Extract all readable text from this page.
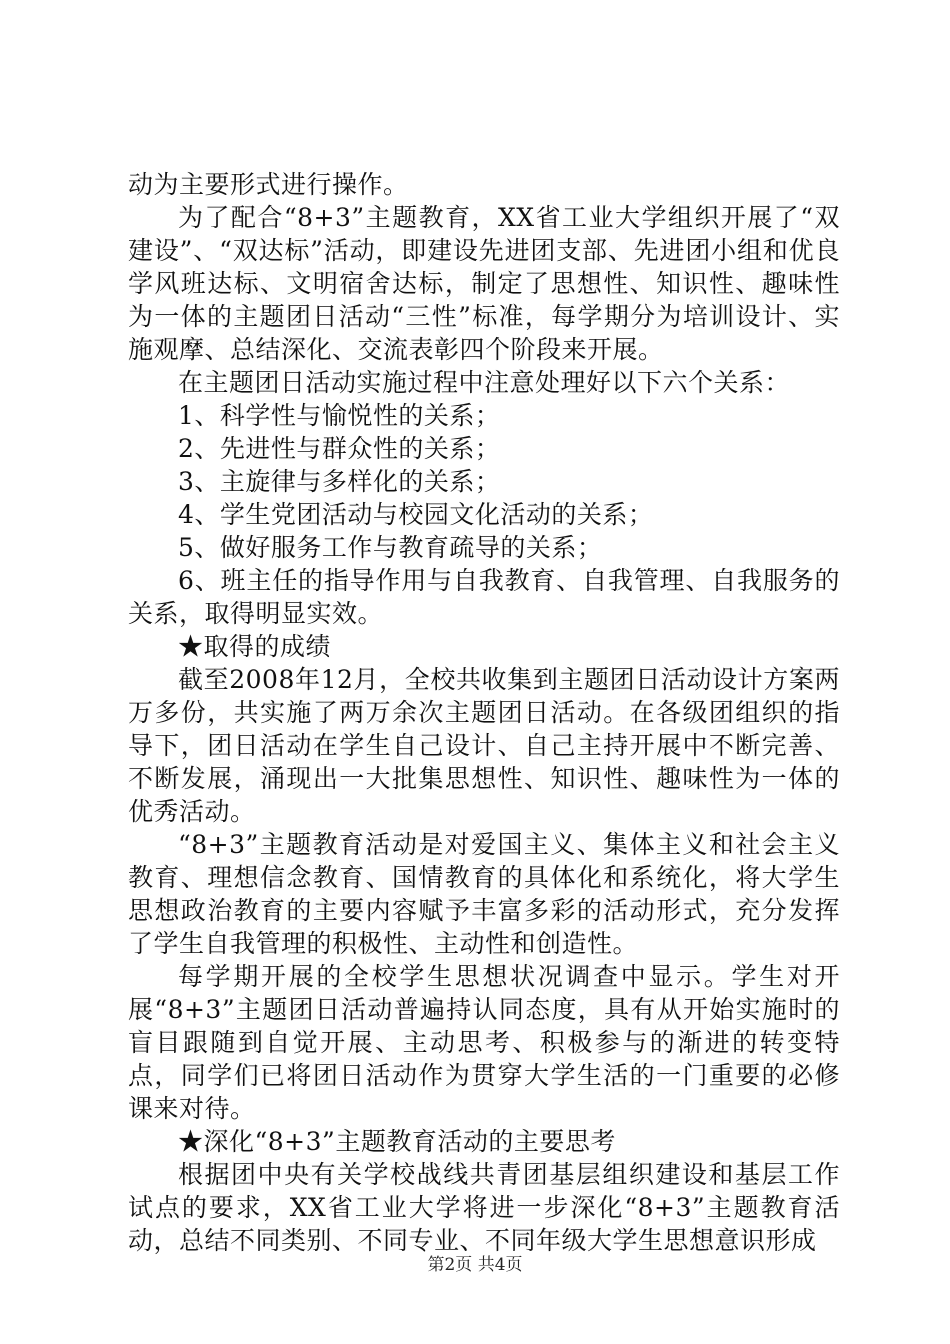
动为主要形式进行操作。

为了配合“8+3”主题教育，XX省工业大学组织开展了“双建设”、“双达标”活动，即建设先进团支部、先进团小组和优良学风班达标、文明宿舍达标，制定了思想性、知识性、趣味性为一体的主题团日活动“三性”标准，每学期分为培训设计、实施观摩、总结深化、交流表彰四个阶段来开展。

在主题团日活动实施过程中注意处理好以下六个关系：

1、科学性与愉悦性的关系；

2、先进性与群众性的关系；

3、主旋律与多样化的关系；

4、学生党团活动与校园文化活动的关系；

5、做好服务工作与教育疏导的关系；

6、班主任的指导作用与自我教育、自我管理、自我服务的关系，取得明显实效。

★取得的成绩

截至2008年12月，全校共收集到主题团日活动设计方案两万多份，共实施了两万余次主题团日活动。在各级团组织的指导下，团日活动在学生自己设计、自己主持开展中不断完善、不断发展，涌现出一大批集思想性、知识性、趣味性为一体的优秀活动。

“8+3”主题教育活动是对爱国主义、集体主义和社会主义教育、理想信念教育、国情教育的具体化和系统化，将大学生思想政治教育的主要内容赋予丰富多彩的活动形式，充分发挥了学生自我管理的积极性、主动性和创造性。

每学期开展的全校学生思想状况调查中显示。学生对开展“8+3”主题团日活动普遍持认同态度，具有从开始实施时的盲目跟随到自觉开展、主动思考、积极参与的渐进的转变特点，同学们已将团日活动作为贯穿大学生活的一门重要的必修课来对待。

★深化“8+3”主题教育活动的主要思考

根据团中央有关学校战线共青团基层组织建设和基层工作试点的要求，XX省工业大学将进一步深化“8+3”主题教育活动，总结不同类别、不同专业、不同年级大学生思想意识形成

第2页 共4页
